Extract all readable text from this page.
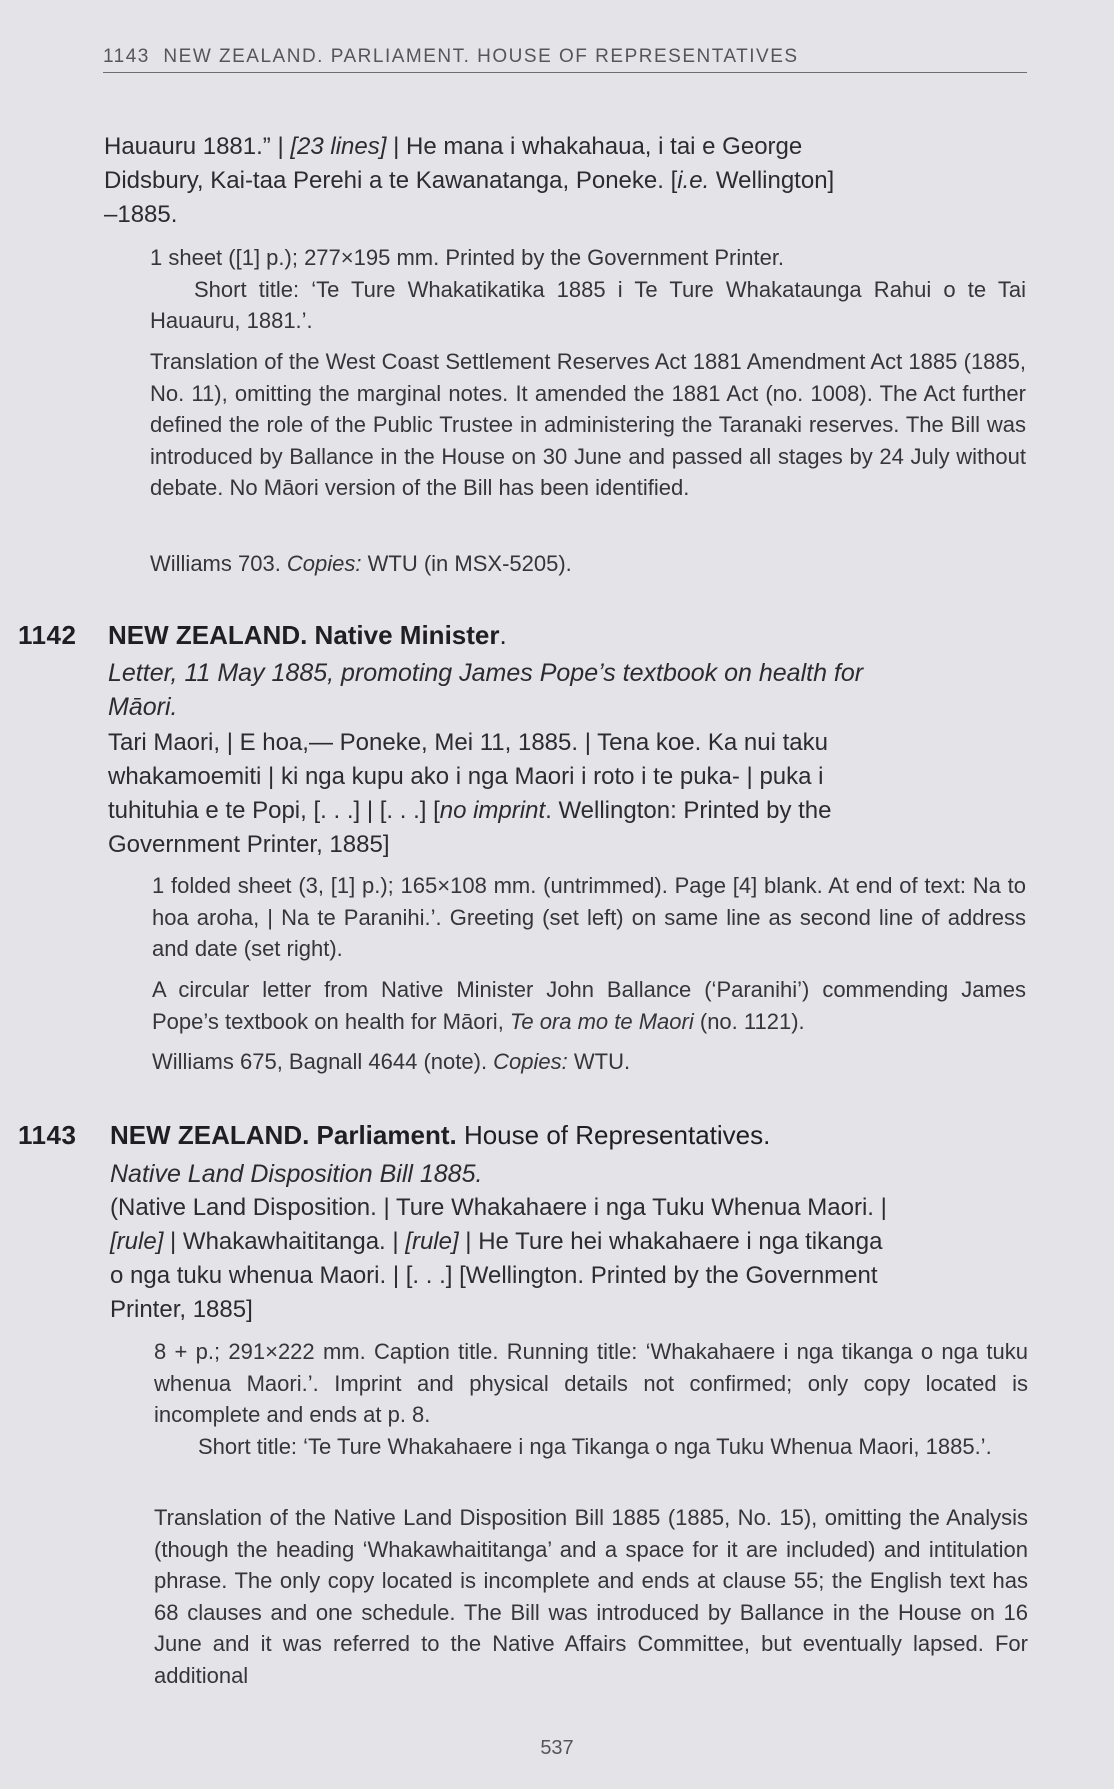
1143 NEW ZEALAND. PARLIAMENT. HOUSE OF REPRESENTATIVES
Hauauru 1881.” | [23 lines] | He mana i whakahaua, i tai e George
Didsbury, Kai-taa Perehi a te Kawanatanga, Poneke. [i.e. Wellington]
–1885.
1 sheet ([1] p.); 277×195 mm. Printed by the Government Printer.
Short title: ‘Te Ture Whakatikatika 1885 i Te Ture Whakataunga Rahui o te Tai Hauauru, 1881.’.
Translation of the West Coast Settlement Reserves Act 1881 Amendment Act 1885 (1885, No. 11), omitting the marginal notes. It amended the 1881 Act (no. 1008). The Act further defined the role of the Public Trustee in administering the Taranaki reserves. The Bill was introduced by Ballance in the House on 30 June and passed all stages by 24 July without debate. No Māori version of the Bill has been identified.
Williams 703. Copies: WTU (in MSX-5205).
1142 NEW ZEALAND. Native Minister.
Letter, 11 May 1885, promoting James Pope’s textbook on health for
Māori.
Tari Maori, | E hoa,— Poneke, Mei 11, 1885. | Tena koe. Ka nui taku
whakamoemiti | ki nga kupu ako i nga Maori i roto i te puka- | puka i
tuhituhia e te Popi, [. . .] | [. . .] [no imprint. Wellington: Printed by the
Government Printer, 1885]
1 folded sheet (3, [1] p.); 165×108 mm. (untrimmed). Page [4] blank. At end of text: Na to hoa aroha, | Na te Paranihi.’. Greeting (set left) on same line as second line of address and date (set right).
A circular letter from Native Minister John Ballance (‘Paranihi’) commending James Pope’s textbook on health for Māori, Te ora mo te Maori (no. 1121).
Williams 675, Bagnall 4644 (note). Copies: WTU.
1143 NEW ZEALAND. Parliament. House of Representatives.
Native Land Disposition Bill 1885.
(Native Land Disposition. | Ture Whakahaere i nga Tuku Whenua Maori. |
[rule] | Whakawhaititanga. | [rule] | He Ture hei whakahaere i nga tikanga
o nga tuku whenua Maori. | [. . .] [Wellington. Printed by the Government
Printer, 1885]
8 + p.; 291×222 mm. Caption title. Running title: ‘Whakahaere i nga tikanga o nga tuku whenua Maori.’. Imprint and physical details not confirmed; only copy located is incomplete and ends at p. 8.
Short title: ‘Te Ture Whakahaere i nga Tikanga o nga Tuku Whenua Maori, 1885.’.
Translation of the Native Land Disposition Bill 1885 (1885, No. 15), omitting the Analysis (though the heading ‘Whakawhaititanga’ and a space for it are included) and intitulation phrase. The only copy located is incomplete and ends at clause 55; the English text has 68 clauses and one schedule. The Bill was introduced by Ballance in the House on 16 June and it was referred to the Native Affairs Committee, but eventually lapsed. For additional
537
